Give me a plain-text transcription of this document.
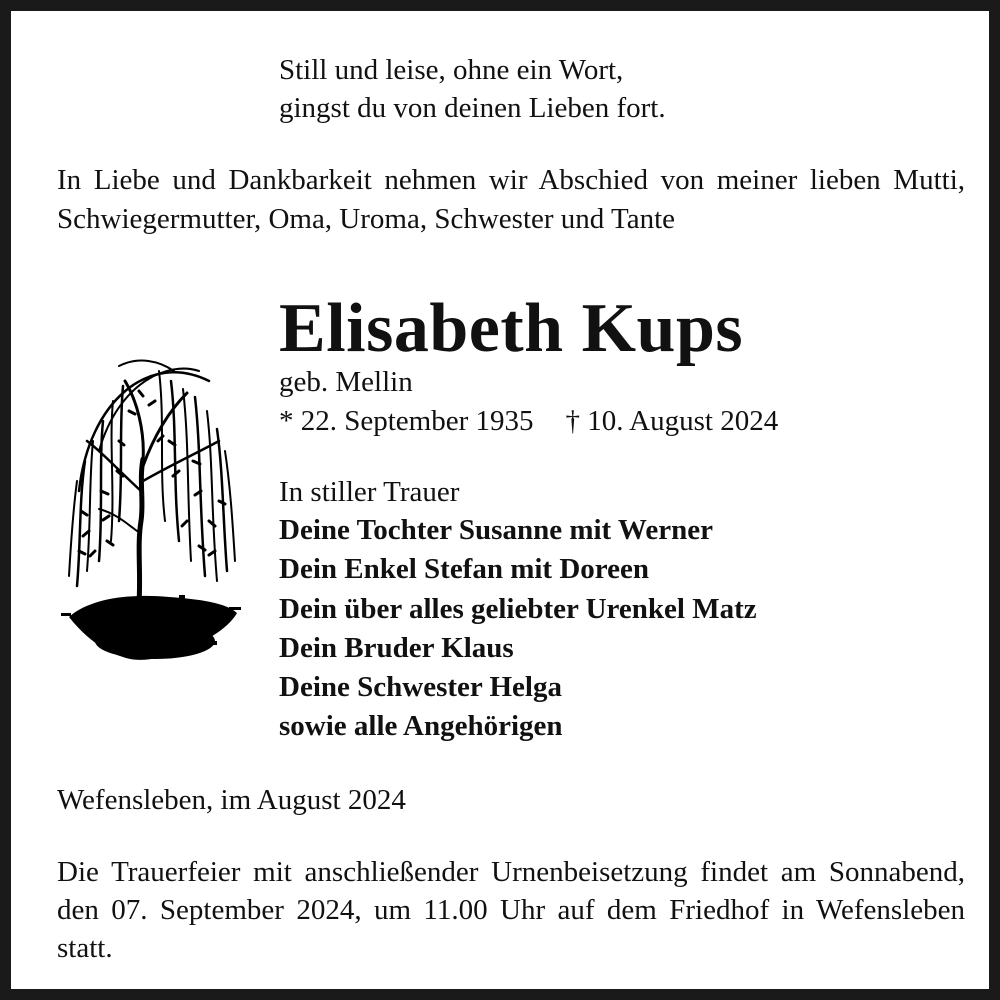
Still und leise, ohne ein Wort,
gingst du von deinen Lieben fort.
In Liebe und Dankbarkeit nehmen wir Abschied von meiner lieben Mutti, Schwiegermutter, Oma, Uroma, Schwester und Tante
Elisabeth Kups
geb. Mellin
* 22. September 1935 † 10. August 2024
In stiller Trauer
Deine Tochter Susanne mit Werner
Dein Enkel Stefan mit Doreen
Dein über alles geliebter Urenkel Matz
Dein Bruder Klaus
Deine Schwester Helga
sowie alle Angehörigen
Wefensleben, im August 2024
Die Trauerfeier mit anschließender Urnenbeisetzung findet am Sonnabend, den 07. September 2024, um 11.00 Uhr auf dem Friedhof in Wefensleben statt.
